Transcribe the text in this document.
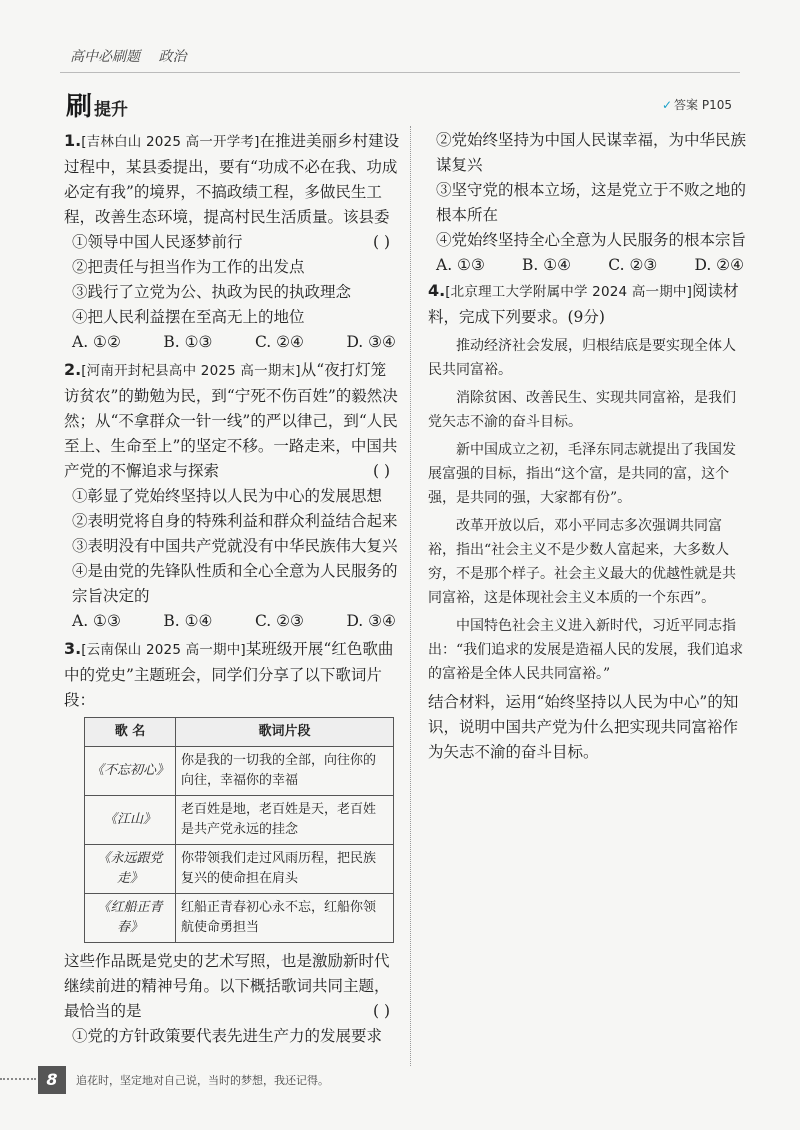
高中必刷题 政治
刷提升	✓ 答案 P105
1.[吉林白山 2025 高一开学考]在推进美丽乡村建设过程中，某县委提出，要有“功成不必在我、功成必定有我”的境界，不搞政绩工程，多做民生工程，改善生态环境，提高村民生活质量。该县委
( )
①领导中国人民逐梦前行
②把责任与担当作为工作的出发点
③践行了立党为公、执政为民的执政理念
④把人民利益摆在至高无上的地位
A. ①②	B. ①③	C. ②④	D. ③④
2.[河南开封杞县高中 2025 高一期末]从“夜打灯笼访贫农”的勤勉为民，到“宁死不伤百姓”的毅然决然；从“不拿群众一针一线”的严以律己，到“人民至上、生命至上”的坚定不移。一路走来，中国共产党的不懈追求与探索	( )
①彰显了党始终坚持以人民为中心的发展思想
②表明党将自身的特殊利益和群众利益结合起来
③表明没有中国共产党就没有中华民族伟大复兴
④是由党的先锋队性质和全心全意为人民服务的宗旨决定的
A. ①③	B. ①④	C. ②③	D. ③④
3.[云南保山 2025 高一期中]某班级开展“红色歌曲中的党史”主题班会，同学们分享了以下歌词片段：
歌 名	歌词片段
《不忘初心》	你是我的一切我的全部，向往你的向往，幸福你的幸福
《江山》	老百姓是地，老百姓是天，老百姓是共产党永远的挂念
《永远跟党走》	你带领我们走过风雨历程，把民族复兴的使命担在肩头
《红船正青春》	红船正青春初心永不忘，红船你领航使命勇担当
这些作品既是党史的艺术写照，也是激励新时代继续前进的精神号角。以下概括歌词共同主题，最恰当的是	( )
①党的方针政策要代表先进生产力的发展要求
②党始终坚持为中国人民谋幸福，为中华民族谋复兴
③坚守党的根本立场，这是党立于不败之地的根本所在
④党始终坚持全心全意为人民服务的根本宗旨
A. ①③ B. ①④ C. ②③ D. ②④
4.[北京理工大学附属中学 2024 高一期中]阅读材料，完成下列要求。(9分)

推动经济社会发展，归根结底是要实现全体人民共同富裕。

消除贫困、改善民生、实现共同富裕，是我们党矢志不渝的奋斗目标。

新中国成立之初，毛泽东同志就提出了我国发展富强的目标，指出“这个富，是共同的富，这个强，是共同的强，大家都有份”。

改革开放以后，邓小平同志多次强调共同富裕，指出“社会主义不是少数人富起来，大多数人穷，不是那个样子。社会主义最大的优越性就是共同富裕，这是体现社会主义本质的一个东西”。

中国特色社会主义进入新时代，习近平同志指出：“我们追求的发展是造福人民的发展，我们追求的富裕是全体人民共同富裕。”

结合材料，运用“始终坚持以人民为中心”的知识，说明中国共产党为什么把实现共同富裕作为矢志不渝的奋斗目标。
8	追花时，坚定地对自己说，当时的梦想，我还记得。
